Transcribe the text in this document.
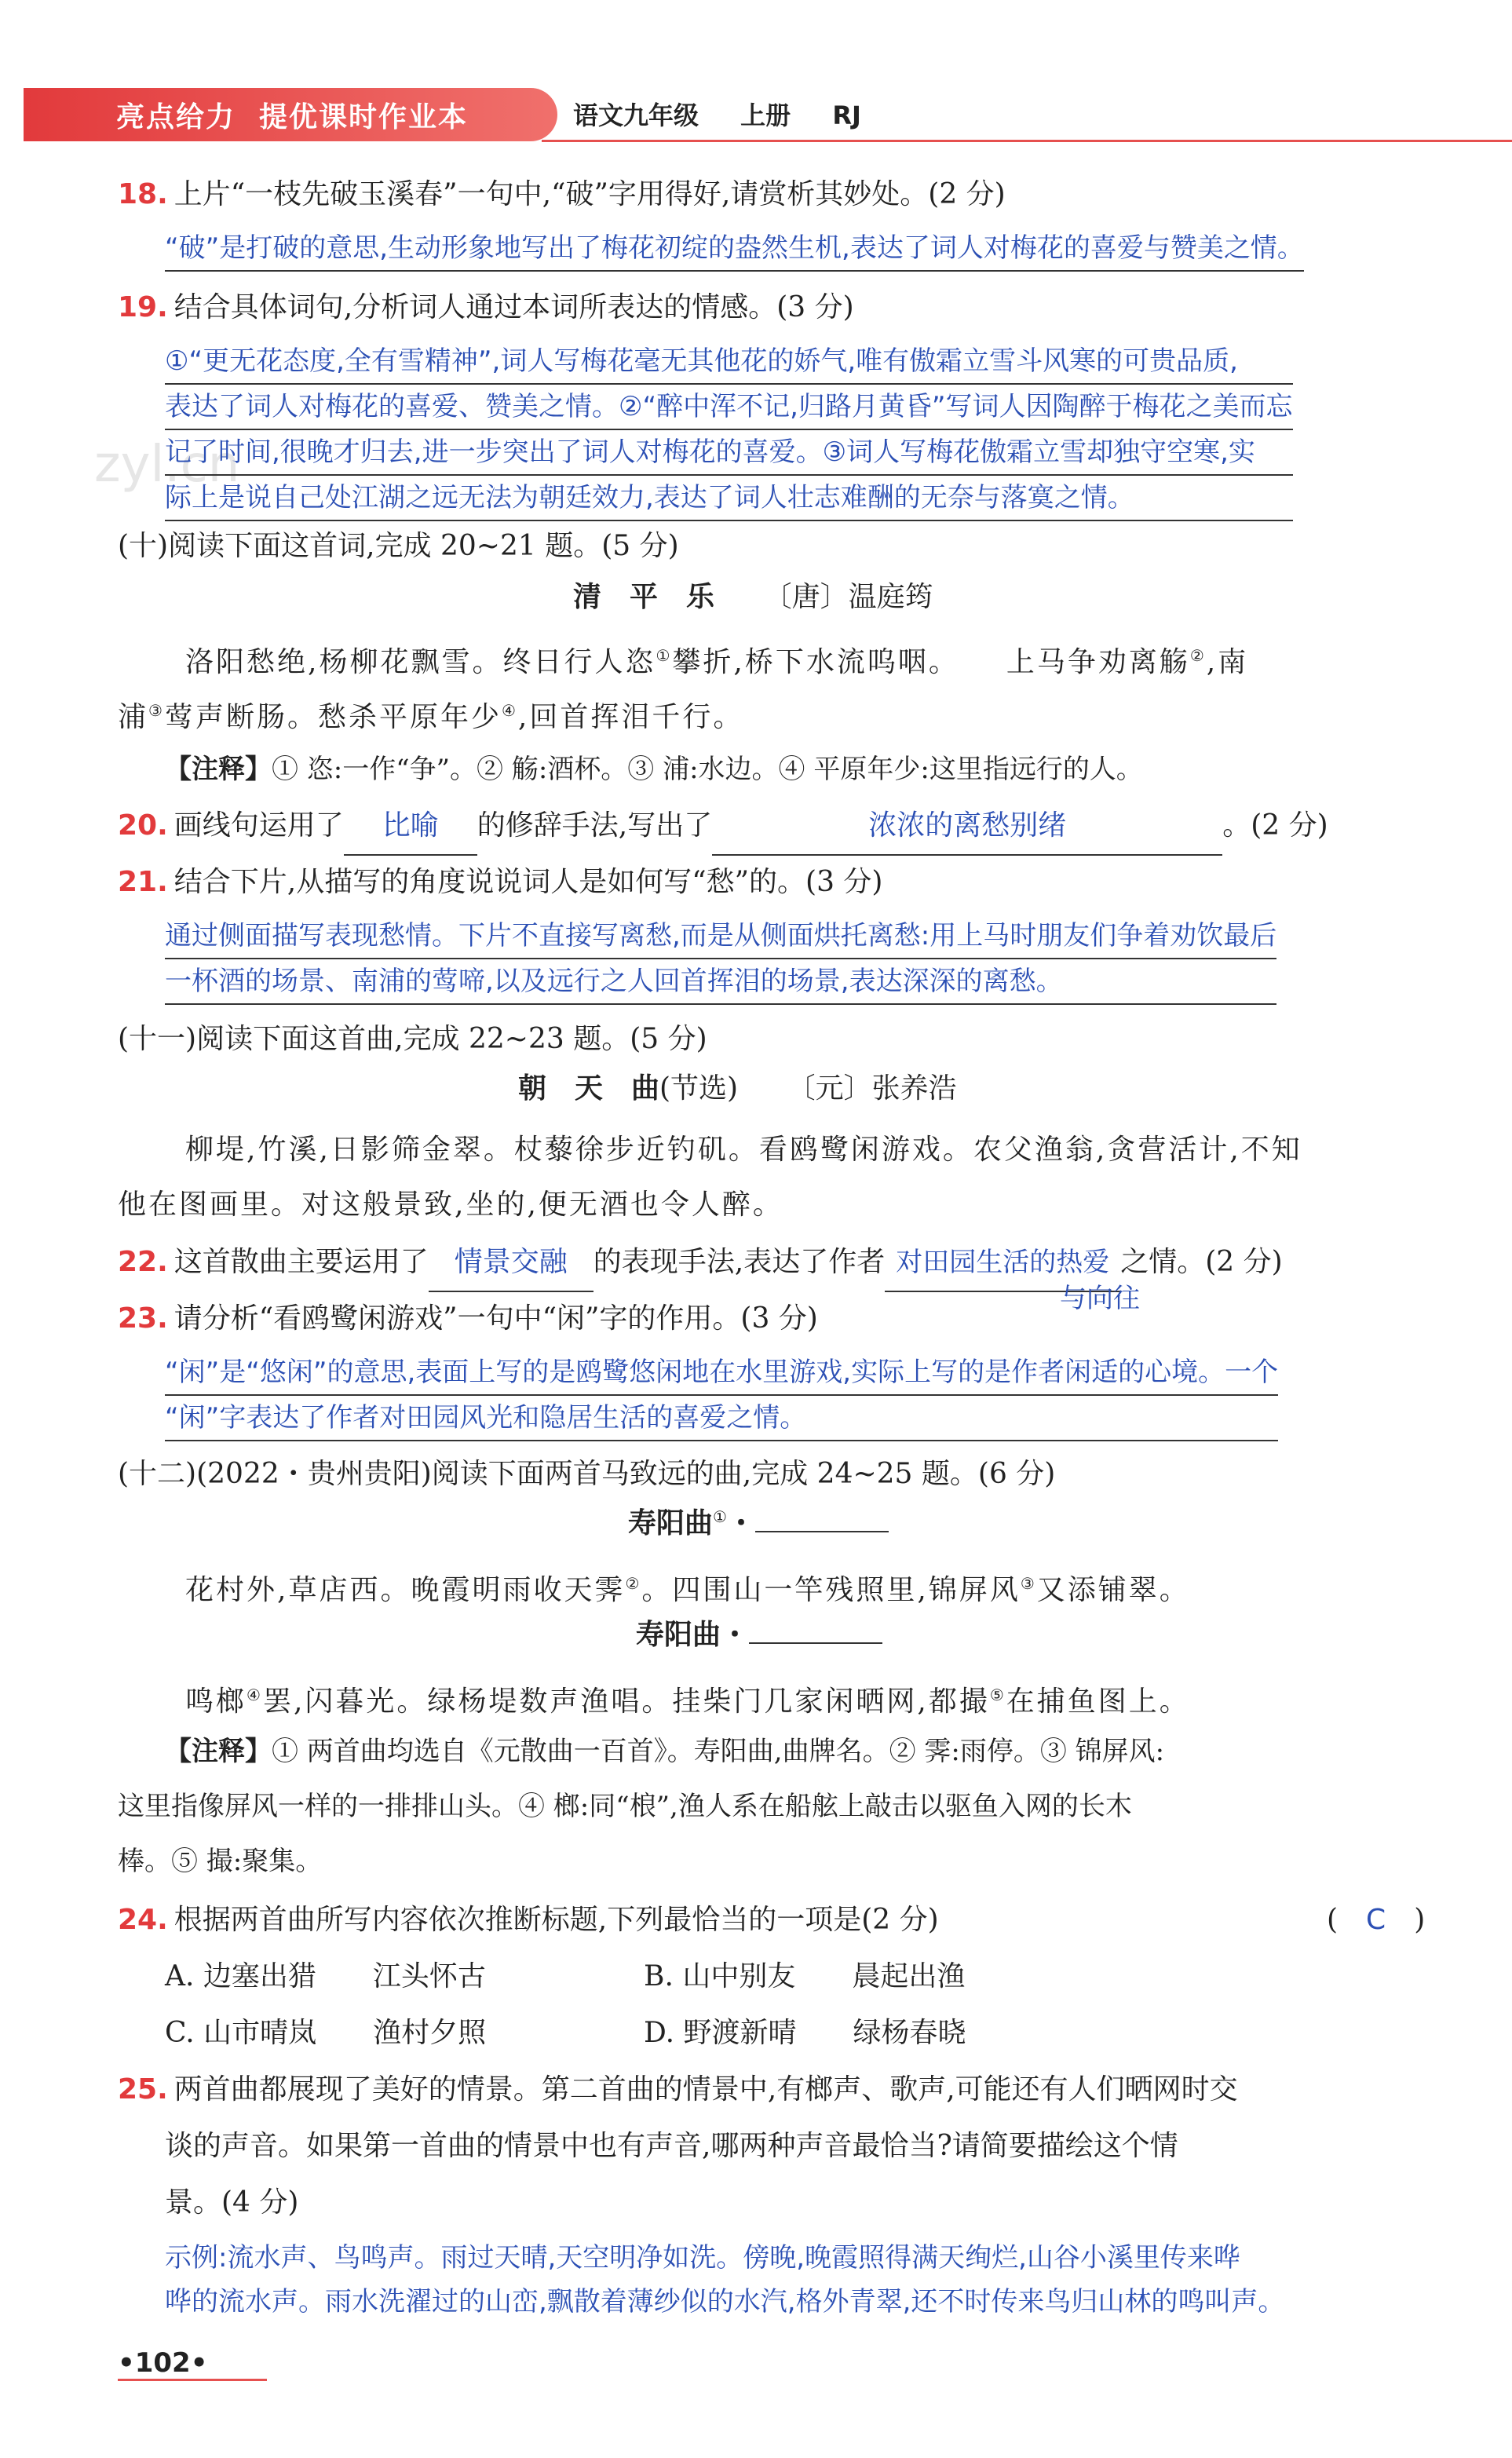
亮点给力 提优课时作业本	语文九年级 上册 RJ
zyl.cn
18. 上片“一枝先破玉溪春”一句中,“破”字用得好,请赏析其妙处。(2 分)
“破”是打破的意思,生动形象地写出了梅花初绽的盎然生机,表达了词人对梅花的喜爱与赞美之情。
19. 结合具体词句,分析词人通过本词所表达的情感。(3 分)
①“更无花态度,全有雪精神”,词人写梅花毫无其他花的娇气,唯有傲霜立雪斗风寒的可贵品质,
表达了词人对梅花的喜爱、赞美之情。②“醉中浑不记,归路月黄昏”写词人因陶醉于梅花之美而忘
记了时间,很晚才归去,进一步突出了词人对梅花的喜爱。③词人写梅花傲霜立雪却独守空寒,实
际上是说自己处江湖之远无法为朝廷效力,表达了词人壮志难酬的无奈与落寞之情。
(十)阅读下面这首词,完成 20~21 题。(5 分)
清　平　乐 〔唐〕温庭筠
洛阳愁绝,杨柳花飘雪。终日行人恣①攀折,桥下水流呜咽。　　上马争劝离觞②,南
浦③莺声断肠。愁杀平原年少④,回首挥泪千行。
【注释】① 恣:一作“争”。② 觞:酒杯。③ 浦:水边。④ 平原年少:这里指远行的人。
20. 画线句运用了 比喻 的修辞手法,写出了	浓浓的离愁别绪	。(2 分)
21. 结合下片,从描写的角度说说词人是如何写“愁”的。(3 分)
通过侧面描写表现愁情。下片不直接写离愁,而是从侧面烘托离愁:用上马时朋友们争着劝饮最后
一杯酒的场景、南浦的莺啼,以及远行之人回首挥泪的场景,表达深深的离愁。
(十一)阅读下面这首曲,完成 22~23 题。(5 分)
朝　天　曲(节选) 〔元〕张养浩
柳堤,竹溪,日影筛金翠。杖藜徐步近钓矶。看鸥鹭闲游戏。农父渔翁,贪营活计,不知
他在图画里。对这般景致,坐的,便无酒也令人醉。
22. 这首散曲主要运用了 情景交融 的表现手法,表达了作者 对田园生活的热爱 之情。(2 分)
与向往
23. 请分析“看鸥鹭闲游戏”一句中“闲”字的作用。(3 分)
“闲”是“悠闲”的意思,表面上写的是鸥鹭悠闲地在水里游戏,实际上写的是作者闲适的心境。一个
“闲”字表达了作者对田园风光和隐居生活的喜爱之情。
(十二)(2022・贵州贵阳)阅读下面两首马致远的曲,完成 24~25 题。(6 分)
寿阳曲①・
花村外,草店西。晚霞明雨收天霁②。四围山一竿残照里,锦屏风③又添铺翠。
寿阳曲・
鸣榔④罢,闪暮光。绿杨堤数声渔唱。挂柴门几家闲晒网,都撮⑤在捕鱼图上。
【注释】① 两首曲均选自《元散曲一百首》。寿阳曲,曲牌名。② 霁:雨停。③ 锦屏风:
这里指像屏风一样的一排排山头。④ 榔:同“桹”,渔人系在船舷上敲击以驱鱼入网的长木
棒。⑤ 撮:聚集。
24. 根据两首曲所写内容依次推断标题,下列最恰当的一项是(2 分)	(　C　)
A. 边塞出猎　　江头怀古	B. 山中别友　　晨起出渔
C. 山市晴岚　　渔村夕照	D. 野渡新晴　　绿杨春晓
25. 两首曲都展现了美好的情景。第二首曲的情景中,有榔声、歌声,可能还有人们晒网时交
谈的声音。如果第一首曲的情景中也有声音,哪两种声音最恰当?请简要描绘这个情
景。(4 分)
示例:流水声、鸟鸣声。雨过天晴,天空明净如洗。傍晚,晚霞照得满天绚烂,山谷小溪里传来哗
哗的流水声。雨水洗濯过的山峦,飘散着薄纱似的水汽,格外青翠,还不时传来鸟归山林的鸣叫声。
•102•
